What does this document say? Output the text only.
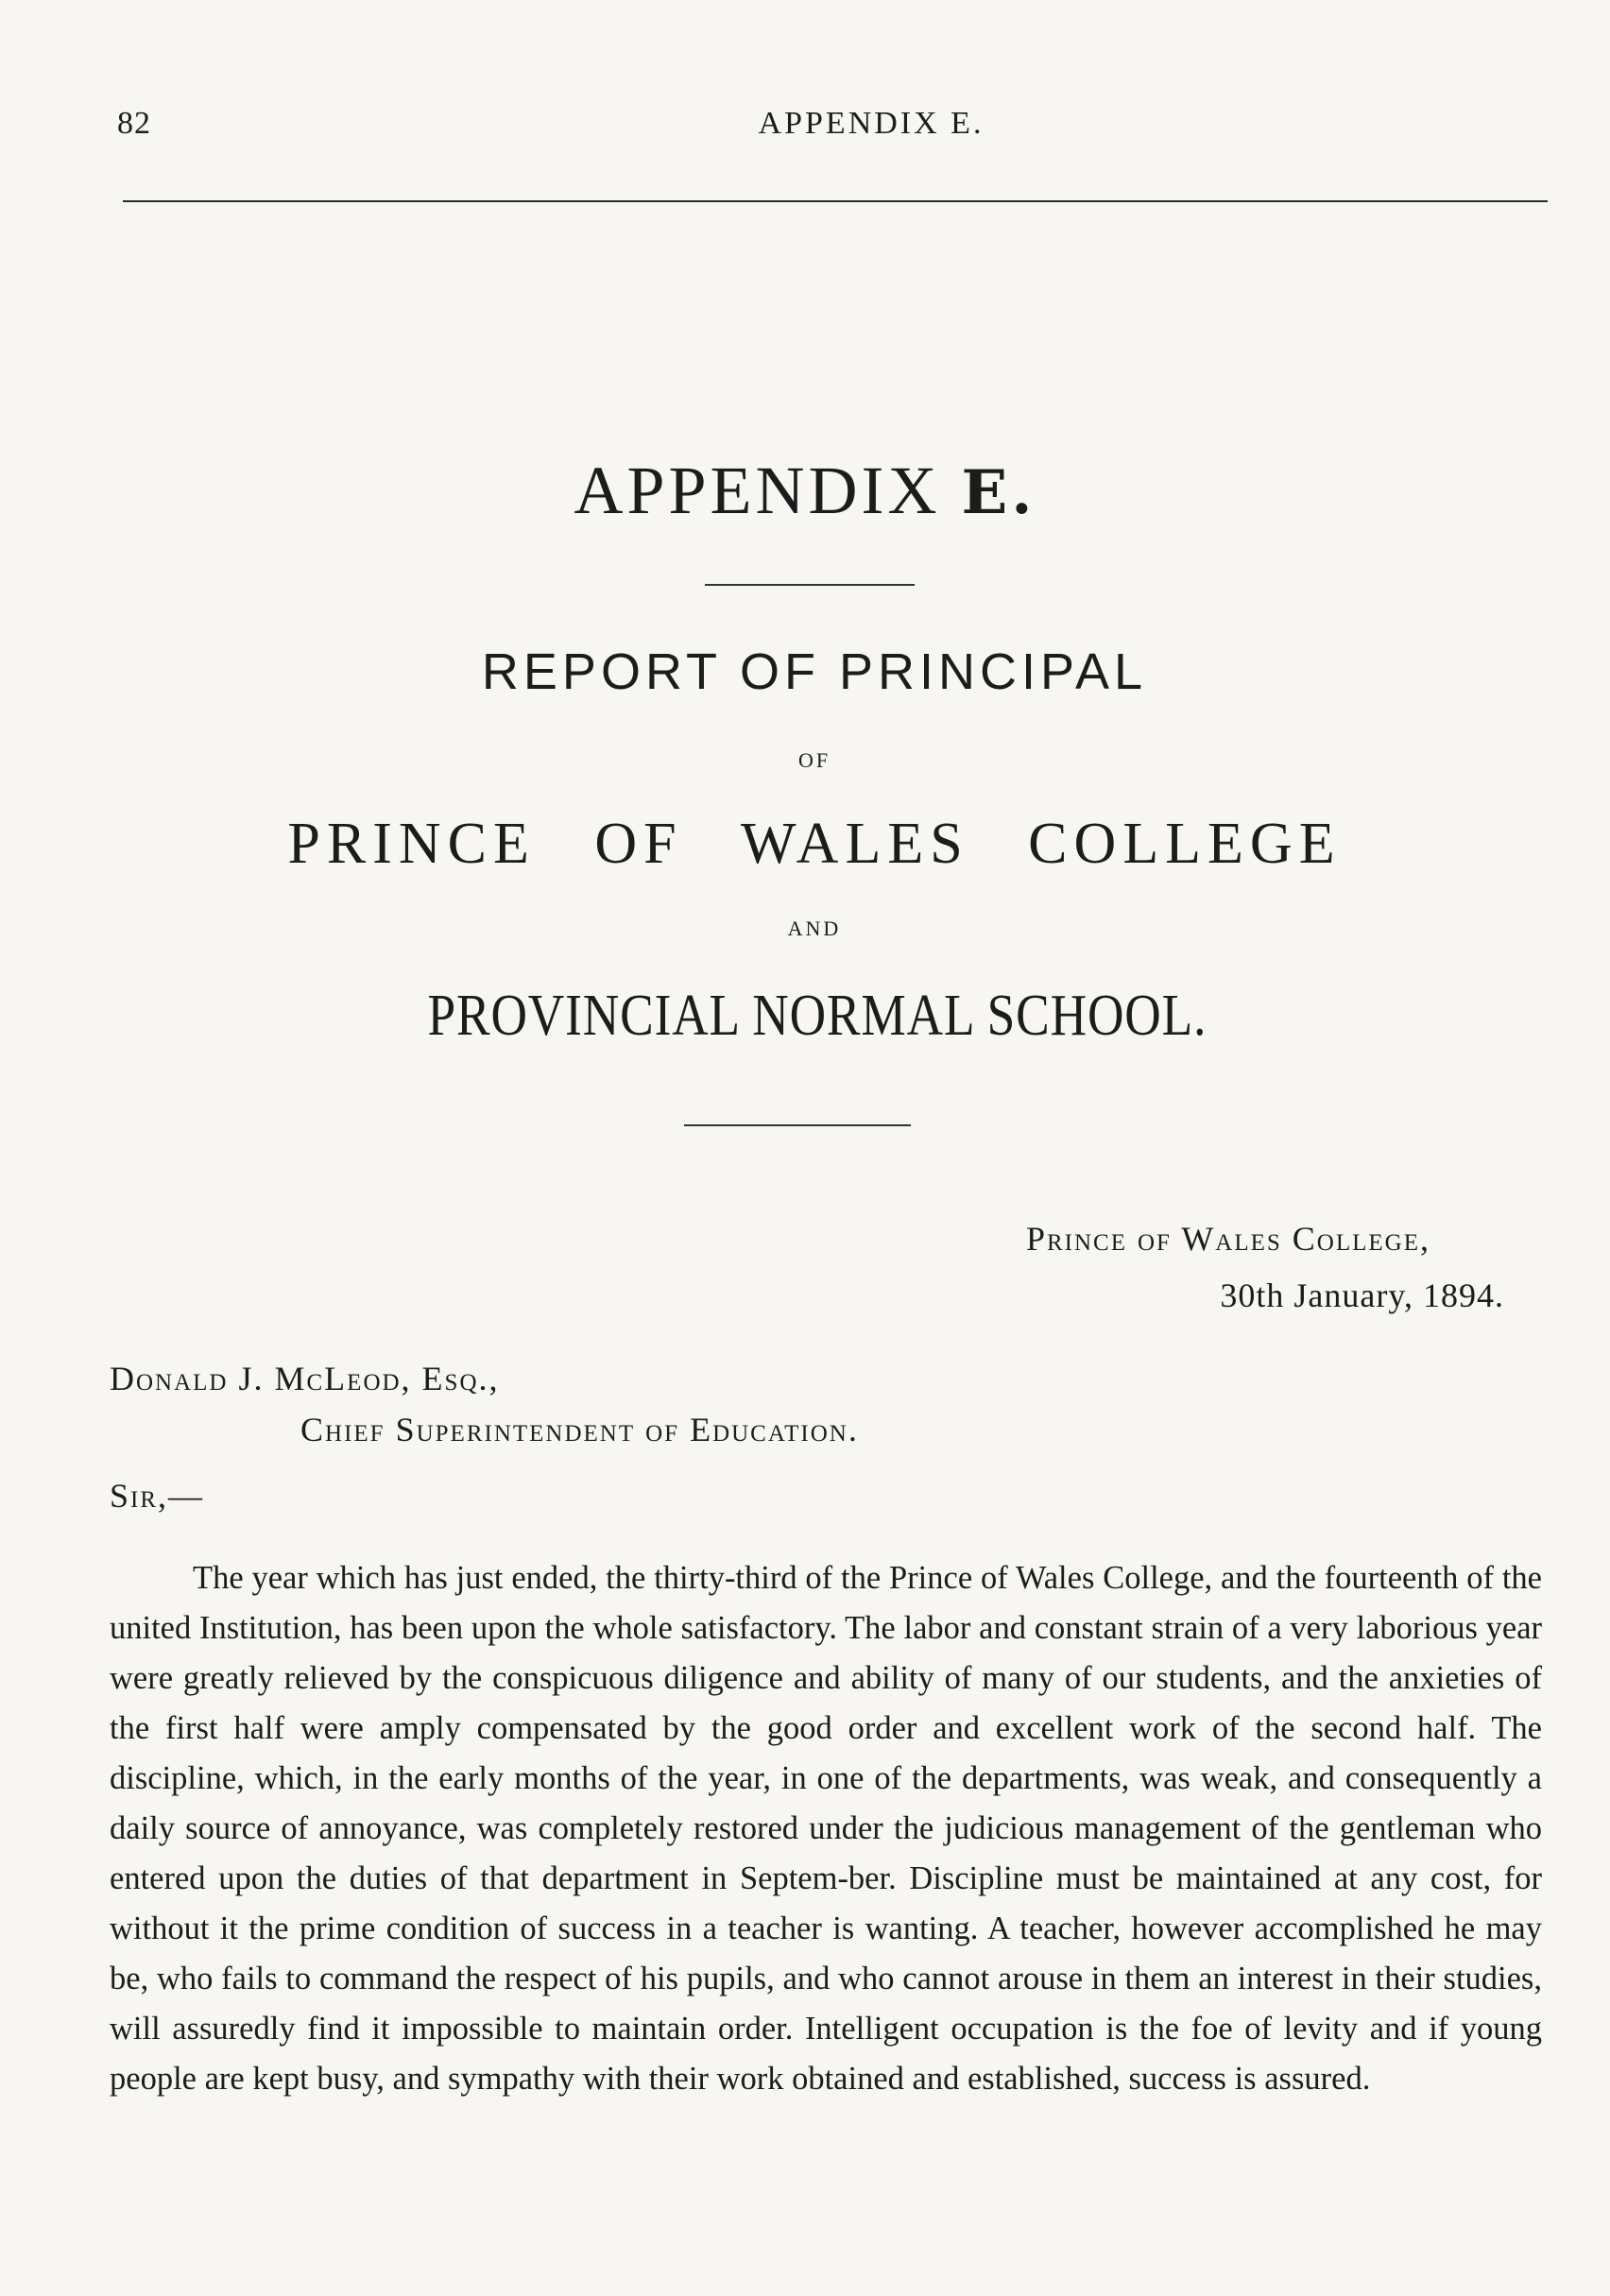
82	APPENDIX E.
APPENDIX E.
REPORT OF PRINCIPAL
OF
PRINCE OF WALES COLLEGE
AND
PROVINCIAL NORMAL SCHOOL.
Prince of Wales College,
30th January, 1894.
Donald J. McLeod, Esq.,
Chief Superintendent of Education.
Sir,—

The year which has just ended, the thirty-third of the Prince of Wales College, and the fourteenth of the united Institution, has been upon the whole satisfactory. The labor and constant strain of a very laborious year were greatly relieved by the conspicuous diligence and ability of many of our students, and the anxieties of the first half were amply compensated by the good order and excellent work of the second half. The discipline, which, in the early months of the year, in one of the departments, was weak, and consequently a daily source of annoyance, was completely restored under the judicious management of the gentleman who entered upon the duties of that department in Septem-ber. Discipline must be maintained at any cost, for without it the prime condition of success in a teacher is wanting. A teacher, however accomplished he may be, who fails to command the respect of his pupils, and who cannot arouse in them an interest in their studies, will assuredly find it impossible to maintain order. Intelligent occupation is the foe of levity and if young people are kept busy, and sympathy with their work obtained and established, success is assured.
